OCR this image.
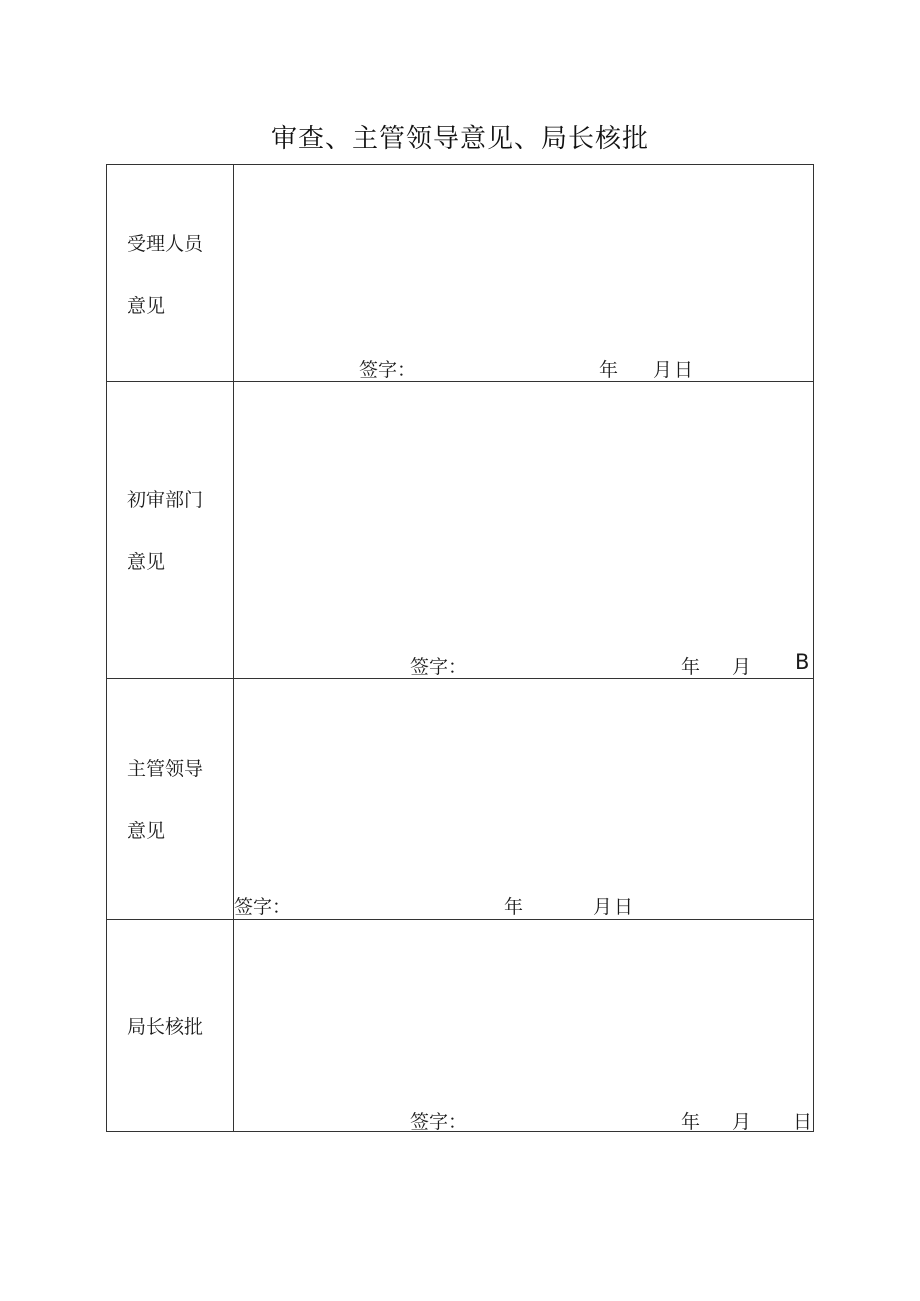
审查、主管领导意见、局长核批
受理人员
意见
签字：	年 月 日
初审部门
意见
签字：	年 月 B
主管领导
意见
签字：	年	月 日
局长核批
签字：	年 月 日
